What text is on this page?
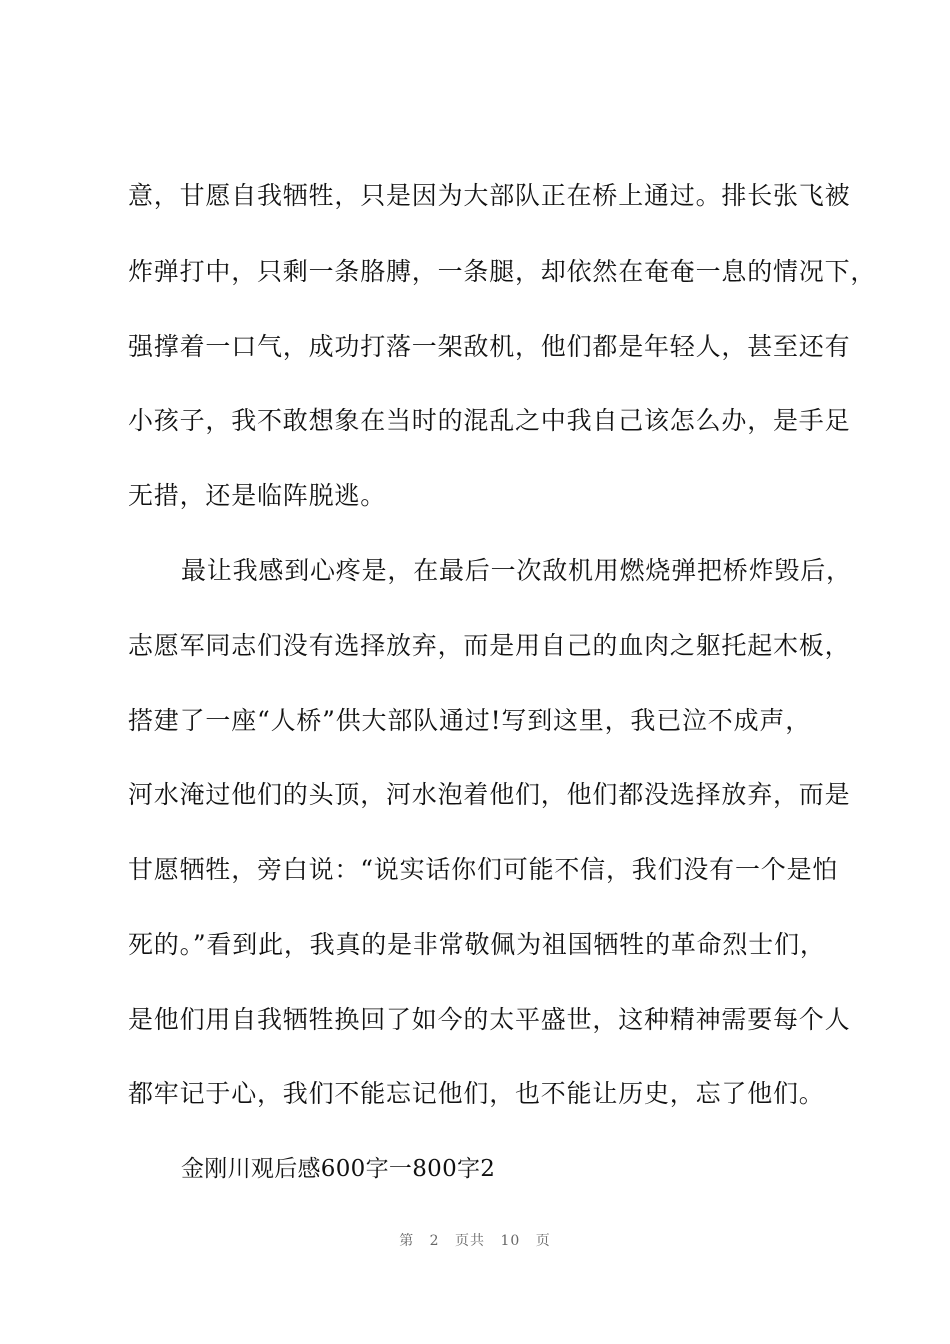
意，甘愿自我牺牲，只是因为大部队正在桥上通过。排长张飞被
炸弹打中，只剩一条胳膊，一条腿，却依然在奄奄一息的情况下，
强撑着一口气，成功打落一架敌机，他们都是年轻人，甚至还有
小孩子，我不敢想象在当时的混乱之中我自己该怎么办，是手足
无措，还是临阵脱逃。
最让我感到心疼是，在最后一次敌机用燃烧弹把桥炸毁后，
志愿军同志们没有选择放弃，而是用自己的血肉之躯托起木板，
搭建了一座“人桥”供大部队通过!写到这里，我已泣不成声，
河水淹过他们的头顶，河水泡着他们，他们都没选择放弃，而是
甘愿牺牲，旁白说：“说实话你们可能不信，我们没有一个是怕
死的。”看到此，我真的是非常敬佩为祖国牺牲的革命烈士们，
是他们用自我牺牲换回了如今的太平盛世，这种精神需要每个人
都牢记于心，我们不能忘记他们，也不能让历史，忘了他们。
金刚川观后感600字一800字2
第 2 页共 10 页
